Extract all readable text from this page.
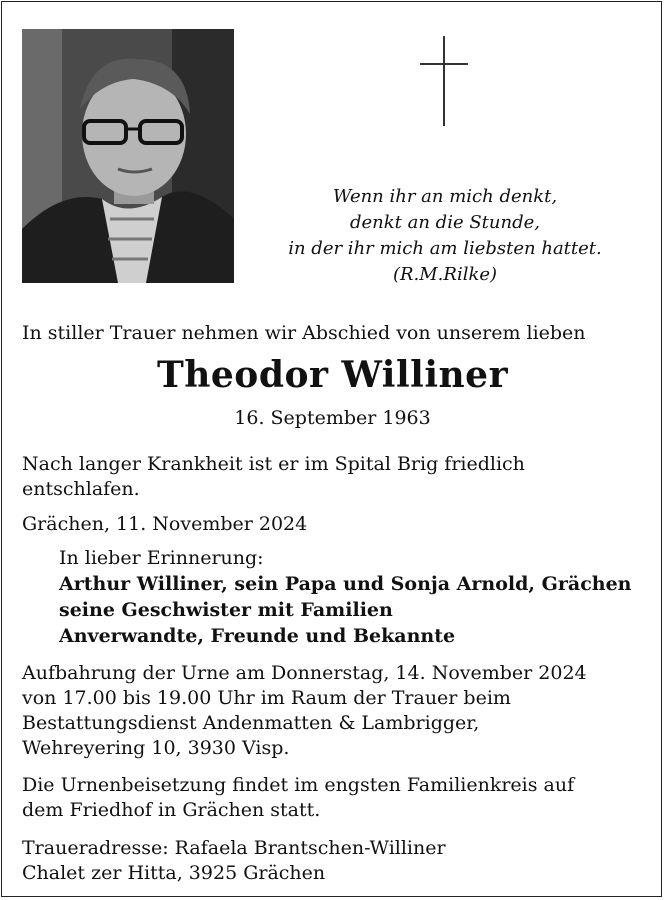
Wenn ihr an mich denkt,
denkt an die Stunde,
in der ihr mich am liebsten hattet.
(R.M.Rilke)
In stiller Trauer nehmen wir Abschied von unserem lieben
Theodor Williner
16. September 1963
Nach langer Krankheit ist er im Spital Brig friedlich
entschlafen.
Grächen, 11. November 2024
In lieber Erinnerung:
Arthur Williner, sein Papa und Sonja Arnold, Grächen
seine Geschwister mit Familien
Anverwandte, Freunde und Bekannte
Aufbahrung der Urne am Donnerstag, 14. November 2024
von 17.00 bis 19.00 Uhr im Raum der Trauer beim
Bestattungsdienst Andenmatten & Lambrigger,
Wehreyering 10, 3930 Visp.
Die Urnenbeisetzung findet im engsten Familienkreis auf
dem Friedhof in Grächen statt.
Traueradresse: Rafaela Brantschen-Williner
Chalet zer Hitta, 3925 Grächen
